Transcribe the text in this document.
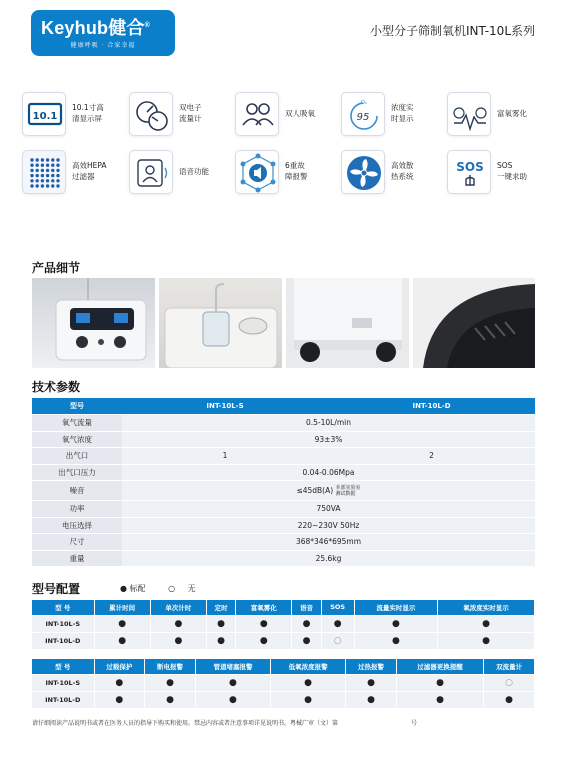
Keyhub健合®
健康呼吸 · 合家幸福
小型分子筛制氧机INT-10L系列
10.1
10.1寸高
清显示屏
双电子
流量计
双人吸氧
O₂
95
浓度实
时显示
富氧雾化
高效HEPA
过滤器
语音功能
6重故
障报警
高效散
热系统
SOS SOS
一键求助
产品细节
技术参数
型号	INT-10L-S	INT-10L-D
氧气流量	0.5-10L/min	
氧气浓度	93±3%	
出气口	1	2
出气口压力	0.04-0.06Mpa	
噪音	≤45dB(A) 本部实验室
测试数据	
功率	750VA	
电压选择	220~230V 50Hz	
尺寸	368*346*695mm	
重量	25.6kg	
型号配置	● 标配	○ 无
型 号	累计时间	单次计时	定时	富氧雾化	语音	SOS	流量实时显示	氧浓度实时显示
INT-10L-S	●	●	●	●	●	●	●	●
INT-10L-D	●	●	●	●	●	○	●	●
型 号	过载保护	断电报警	管道堵塞报警	低氧浓度报警	过热报警	过滤器更换提醒	双流量计
INT-10L-S	●	●	●	●	●	●	○
INT-10L-D	●	●	●	●	●	●	●
请仔细阅读产品说明书或者在医务人员的指导下购买和使用。禁忌内容或者注意事项详见说明书。粤械广审（文）第	号
